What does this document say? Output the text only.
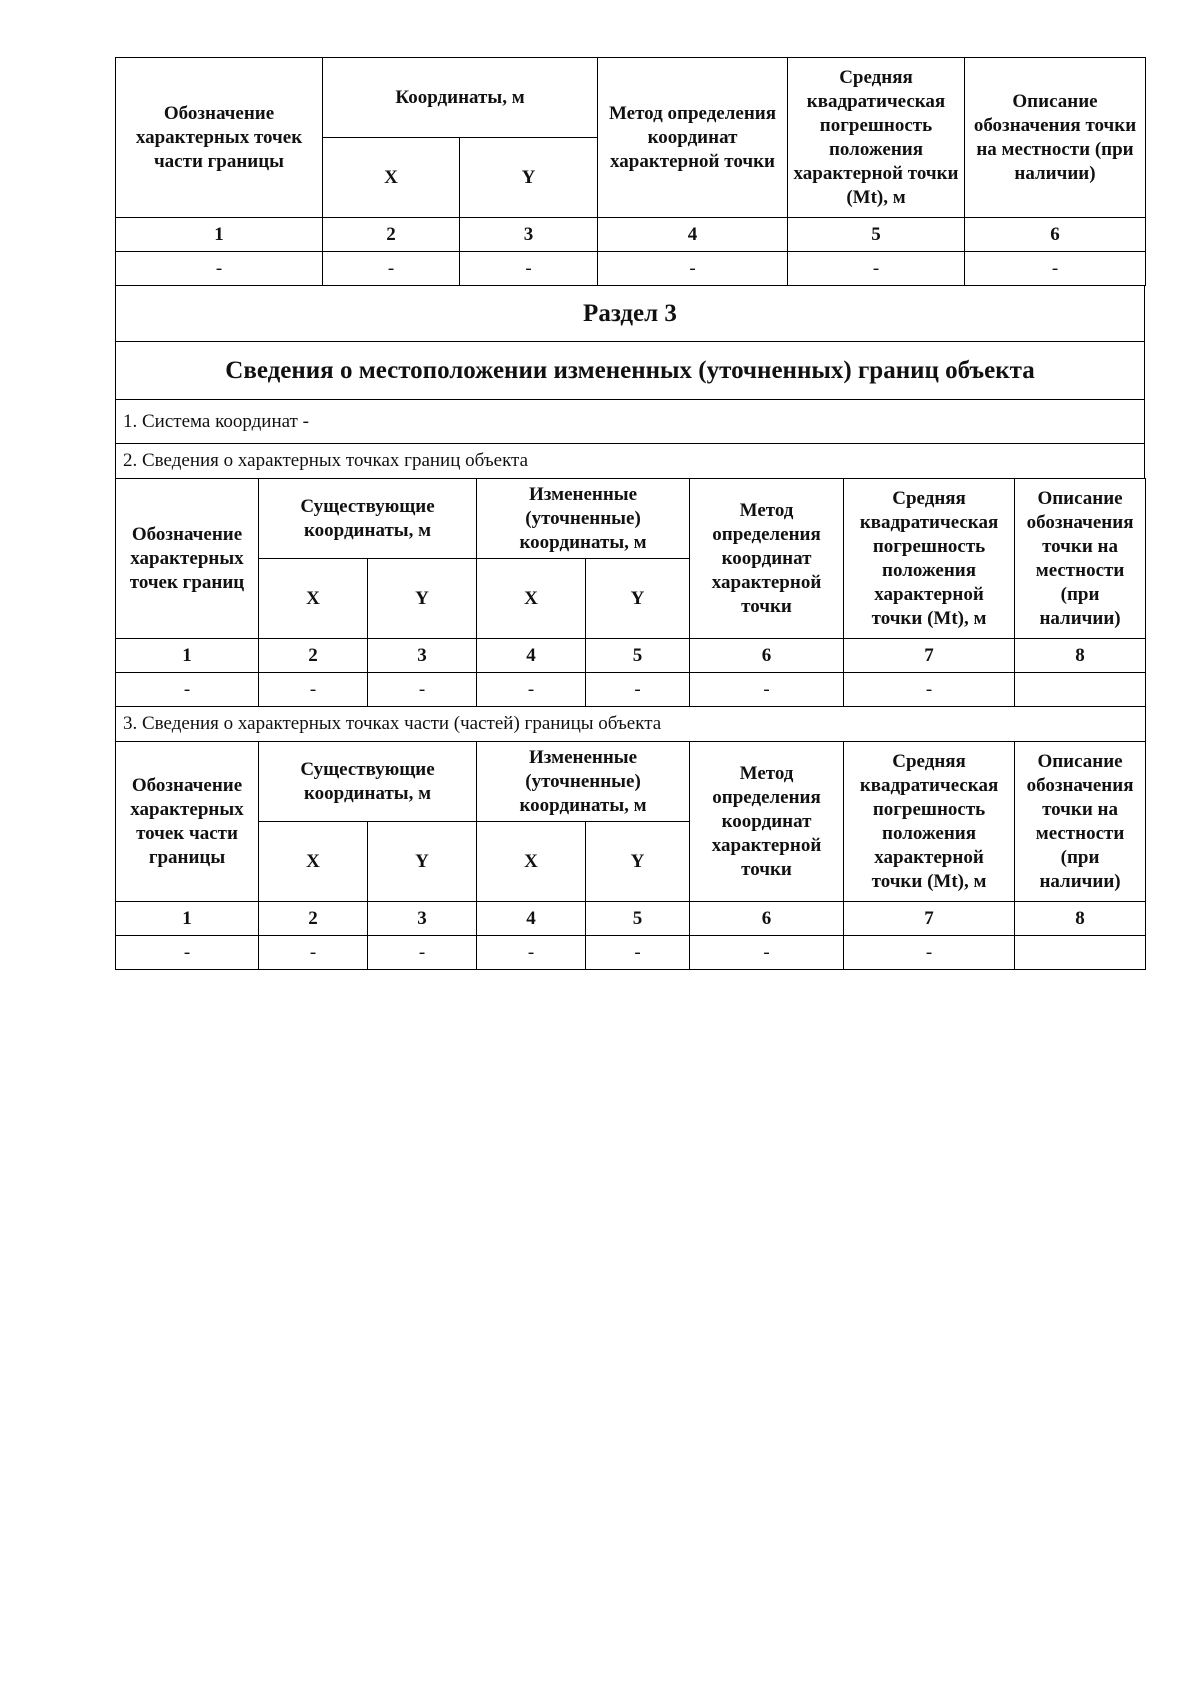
Обозначение характерных точек части границы	Координаты, м		Метод определения координат характерной точки	Средняя квадратическая погрешность положения характерной точки (Mt), м	Описание обозначения точки на местности (при наличии)
	X	Y			
1	2	3	4	5	6
-	-	-	-	-	-
Раздел 3
Сведения о местоположении измененных (уточненных) границ объекта
1. Система координат -
2. Сведения о характерных точках границ объекта
Обозначение характерных точек границ	Существующие координаты, м		Измененные (уточненные) координаты, м		Метод определения координат характерной точки	Средняя квадратическая погрешность положения характерной точки (Mt), м	Описание обозначения точки на местности (при наличии)
	X	Y	X	Y			
1	2	3	4	5	6	7	8
-	-	-	-	-	-	-	
3. Сведения о характерных точках части (частей) границы объекта							
Обозначение характерных точек части границы	Существующие координаты, м		Измененные (уточненные) координаты, м		Метод определения координат характерной точки	Средняя квадратическая погрешность положения характерной точки (Mt), м	Описание обозначения точки на местности (при наличии)
	X	Y	X	Y			
1	2	3	4	5	6	7	8
-	-	-	-	-	-	-	
